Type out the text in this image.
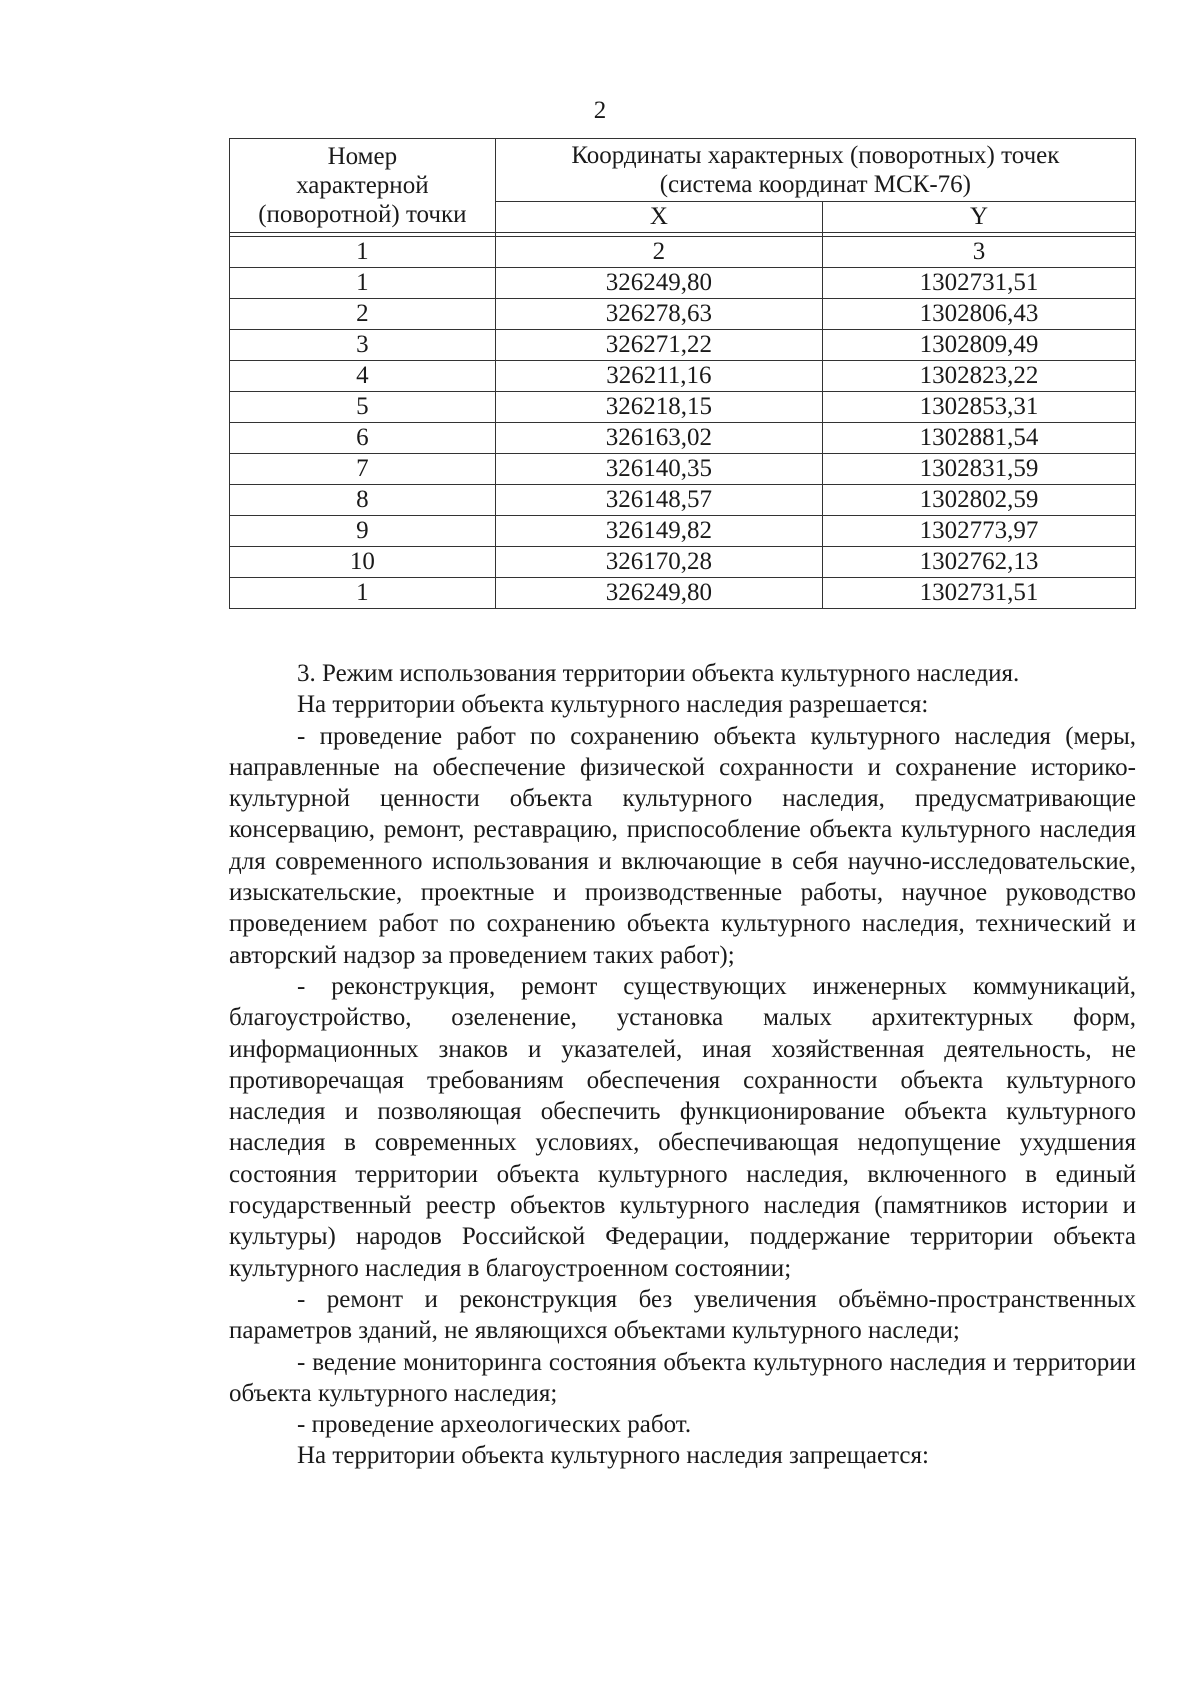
2
Номер
характерной
(поворотной) точки	Координаты характерных (поворотных) точек
(система координат МСК-76)	
	X	Y

1	2	3
1	326249,80	1302731,51
2	326278,63	1302806,43
3	326271,22	1302809,49
4	326211,16	1302823,22
5	326218,15	1302853,31
6	326163,02	1302881,54
7	326140,35	1302831,59
8	326148,57	1302802,59
9	326149,82	1302773,97
10	326170,28	1302762,13
1	326249,80	1302731,51

3. Режим использования территории объекта культурного наследия.

На территории объекта культурного наследия разрешается:

- проведение работ по сохранению объекта культурного наследия (меры, направленные на обеспечение физической сохранности и сохранение историко-культурной ценности объекта культурного наследия, предусматривающие консервацию, ремонт, реставрацию, приспособление объекта культурного наследия для современного использования и включающие в себя научно-исследовательские, изыскательские, проектные и производственные работы, научное руководство проведением работ по сохранению объекта культурного наследия, технический и авторский надзор за проведением таких работ);

- реконструкция, ремонт существующих инженерных коммуникаций, благоустройство, озеленение, установка малых архитектурных форм, информационных знаков и указателей, иная хозяйственная деятельность, не противоречащая требованиям обеспечения сохранности объекта культурного наследия и позволяющая обеспечить функционирование объекта культурного наследия в современных условиях, обеспечивающая недопущение ухудшения состояния территории объекта культурного наследия, включенного в единый государственный реестр объектов культурного наследия (памятников истории и культуры) народов Российской Федерации, поддержание территории объекта культурного наследия в благоустроенном состоянии;

- ремонт и реконструкция без увеличения объёмно-пространственных параметров зданий, не являющихся объектами культурного наследи;

- ведение мониторинга состояния объекта культурного наследия и территории объекта культурного наследия;

- проведение археологических работ.

На территории объекта культурного наследия запрещается:
